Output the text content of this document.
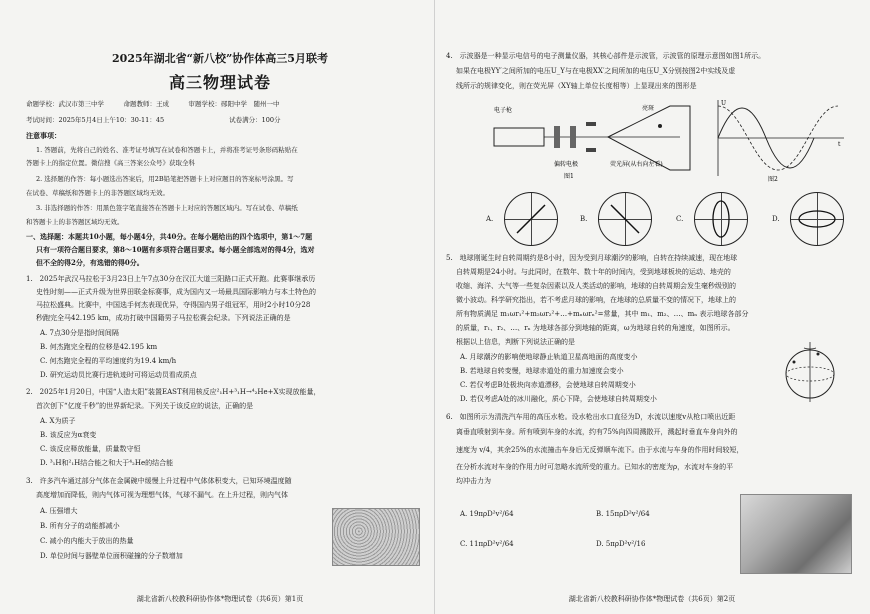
2025年湖北省“新八校”协作体高三5月联考
高三物理试卷
命题学校：武汉市第三中学　　　命题教师：王成　　　审题学校：郧阳中学　随州一中
考试时间：2025年5月4日上午10：30-11：45　　　　　　　　　　试卷满分：100分
注意事项：
1. 答题前，先将自己的姓名、准考证号填写在试卷和答题卡上，并将准考证号条形码粘贴在
答题卡上的指定位置。微信搜《高三答案公众号》获取全科
2. 选择题的作答：每小题选出答案后，用2B铅笔把答题卡上对应题目的答案标号涂黑。写
在试卷、草稿纸和答题卡上的非答题区域均无效。
3. 非选择题的作答：用黑色签字笔直接答在答题卡上对应的答题区域内。写在试卷、草稿纸
和答题卡上的非答题区域均无效。
一、选择题：本题共10小题，每小题4分，共40分。在每小题给出的四个选项中，第1～7题
只有一项符合题目要求，第8～10题有多项符合题目要求。每小题全部选对的得4分，选对
但不全的得2分，有选错的得0分。
1.　2025年武汉马拉松于3月23日上午7点30分在汉江大道三阳路口正式开跑。此赛事继承历
史性时刻——正式升级为世界田联金标赛事，成为国内又一场最具国际影响力与本土特色的
马拉松盛典。比赛中，中国选手何杰表现优异，夺得国内男子组冠军，用时2小时10分28
秒跑完全马42.195 km，成功打破中国籍男子马拉松赛会纪录。下列说法正确的是
A. 7点30分是指时间间隔
B. 何杰跑完全程的位移是42.195 km
C. 何杰跑完全程的平均速度约为19.4 km/h
D. 研究运动员比赛行进轨迹时可将运动员看成质点
2.　2025年1月20日，中国“人造太阳”装置EAST利用核反应²₁H+³₁H→⁴₂He+X实现放能量，
首次创下“亿度千秒”的世界新纪录。下列关于该反应的说法，正确的是
A. X为质子
B. 该反应为α衰变
C. 该反应释放能量，质量数守恒
D. ³₁H和²₁H结合能之和大于⁴₂He的结合能
3.　许多汽车通过部分气体在金属碗中缓慢上升过程中气体体积变大，已知环境温度随
高度增加而降低，则内气体可视为理想气体，气球不漏气。在上升过程，则内气体
A. 压强增大
B. 所有分子的动能都减小
C. 减小的内能大于放出的热量
D. 单位时间与器壁单位面积碰撞的分子数增加
湖北省新八校教科研协作体*物理试卷（共6页）第1页
4.　示波器是一种显示电信号的电子测量仪器，其核心部件是示波管，示波管的原理示意图如图1所示。
如果在电极YY′之间所加的电压U_Y与在电极XX′之间所加的电压U_X分别按图2中实线及虚
线所示的规律变化，则在荧光屏（XY轴上单位长度相等）上显现出来的图形是
电子枪	亮斑
偏转电极	荧光屏(从右向左看)
图1
U
t
图2
A.	B.	C.	D.
5.　地球刚诞生时自转周期约是8小时，因为受到月球潮汐的影响，自转在持续减速，现在地球
自转周期是24小时。与此同时，在数年、数十年的时间内，受到地球板块的运动、地壳的
收缩、海洋、大气等一些复杂因素以及人类活动的影响，地球的自转周期会发生毫秒级别的
微小波动。科学研究指出，若不考虑月球的影响，在地球的总质量不变的情况下，地球上的
所有物质满足 m₁ωr₁²+m₂ωr₂²+…+mₙωrₙ²=常量，其中 m₁、m₂、…、mₙ 表示地球各部分
的质量，r₁、r₂、…、rₙ 为地球各部分到地轴的距离，ω为地球自转的角速度，如图所示。
根据以上信息，判断下列说法正确的是
A. 月球潮汐的影响使地球静止轨道卫星高地面的高度变小
B. 若地球自转变慢，地球赤道处的重力加速度会变小
C. 若仅考虑B处极块向赤道漂移，会使地球自转周期变小
D. 若仅考虑A处的冰川融化，质心下降，会使地球自转周期变小
6.　如图所示为清洗汽车用的高压水枪。设水枪出水口直径为D，水流以速度v从枪口喷出近距
离垂直喷射到车身。所有喷到车身的水流，约有75%向四周溅散开，溅起时垂直车身向外的
速度为 v/4，其余25%的水流撞击车身后无反弹顺车流下。由于水流与车身的作用时间较短，
在分析水流对车身的作用力时可忽略水流所受的重力。已知水的密度为ρ，水流对车身的平
均冲击力为
A. 19πρD²v²/64	B. 15πρD²v²/64
C. 11πρD²v²/64	D. 5πρD²v²/16
湖北省新八校教科研协作体*物理试卷（共6页）第2页
